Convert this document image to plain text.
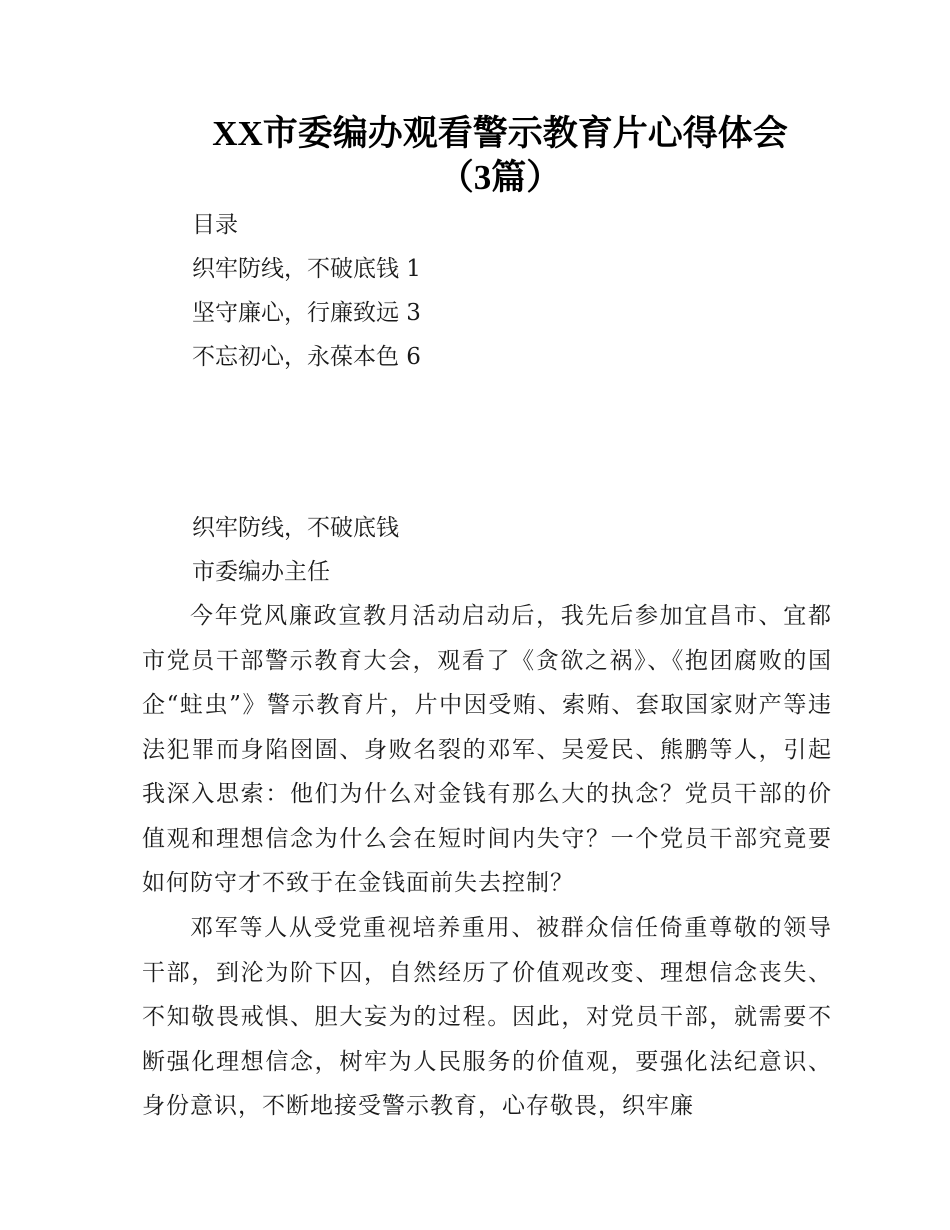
XX市委编办观看警示教育片心得体会
（3篇）
目录
织牢防线，不破底钱 1
坚守廉心，行廉致远 3
不忘初心，永葆本色 6
织牢防线，不破底钱
市委编办主任
今年党风廉政宣教月活动启动后，我先后参加宜昌市、宜都市党员干部警示教育大会，观看了《贪欲之祸》、《抱团腐败的国企“蛀虫”》警示教育片，片中因受贿、索贿、套取国家财产等违法犯罪而身陷囹圄、身败名裂的邓军、吴爱民、熊鹏等人，引起我深入思索：他们为什么对金钱有那么大的执念？党员干部的价值观和理想信念为什么会在短时间内失守？一个党员干部究竟要如何防守才不致于在金钱面前失去控制？
邓军等人从受党重视培养重用、被群众信任倚重尊敬的领导干部，到沦为阶下囚，自然经历了价值观改变、理想信念丧失、不知敬畏戒惧、胆大妄为的过程。因此，对党员干部，就需要不断强化理想信念，树牢为人民服务的价值观，要强化法纪意识、身份意识，不断地接受警示教育，心存敬畏，织牢廉
